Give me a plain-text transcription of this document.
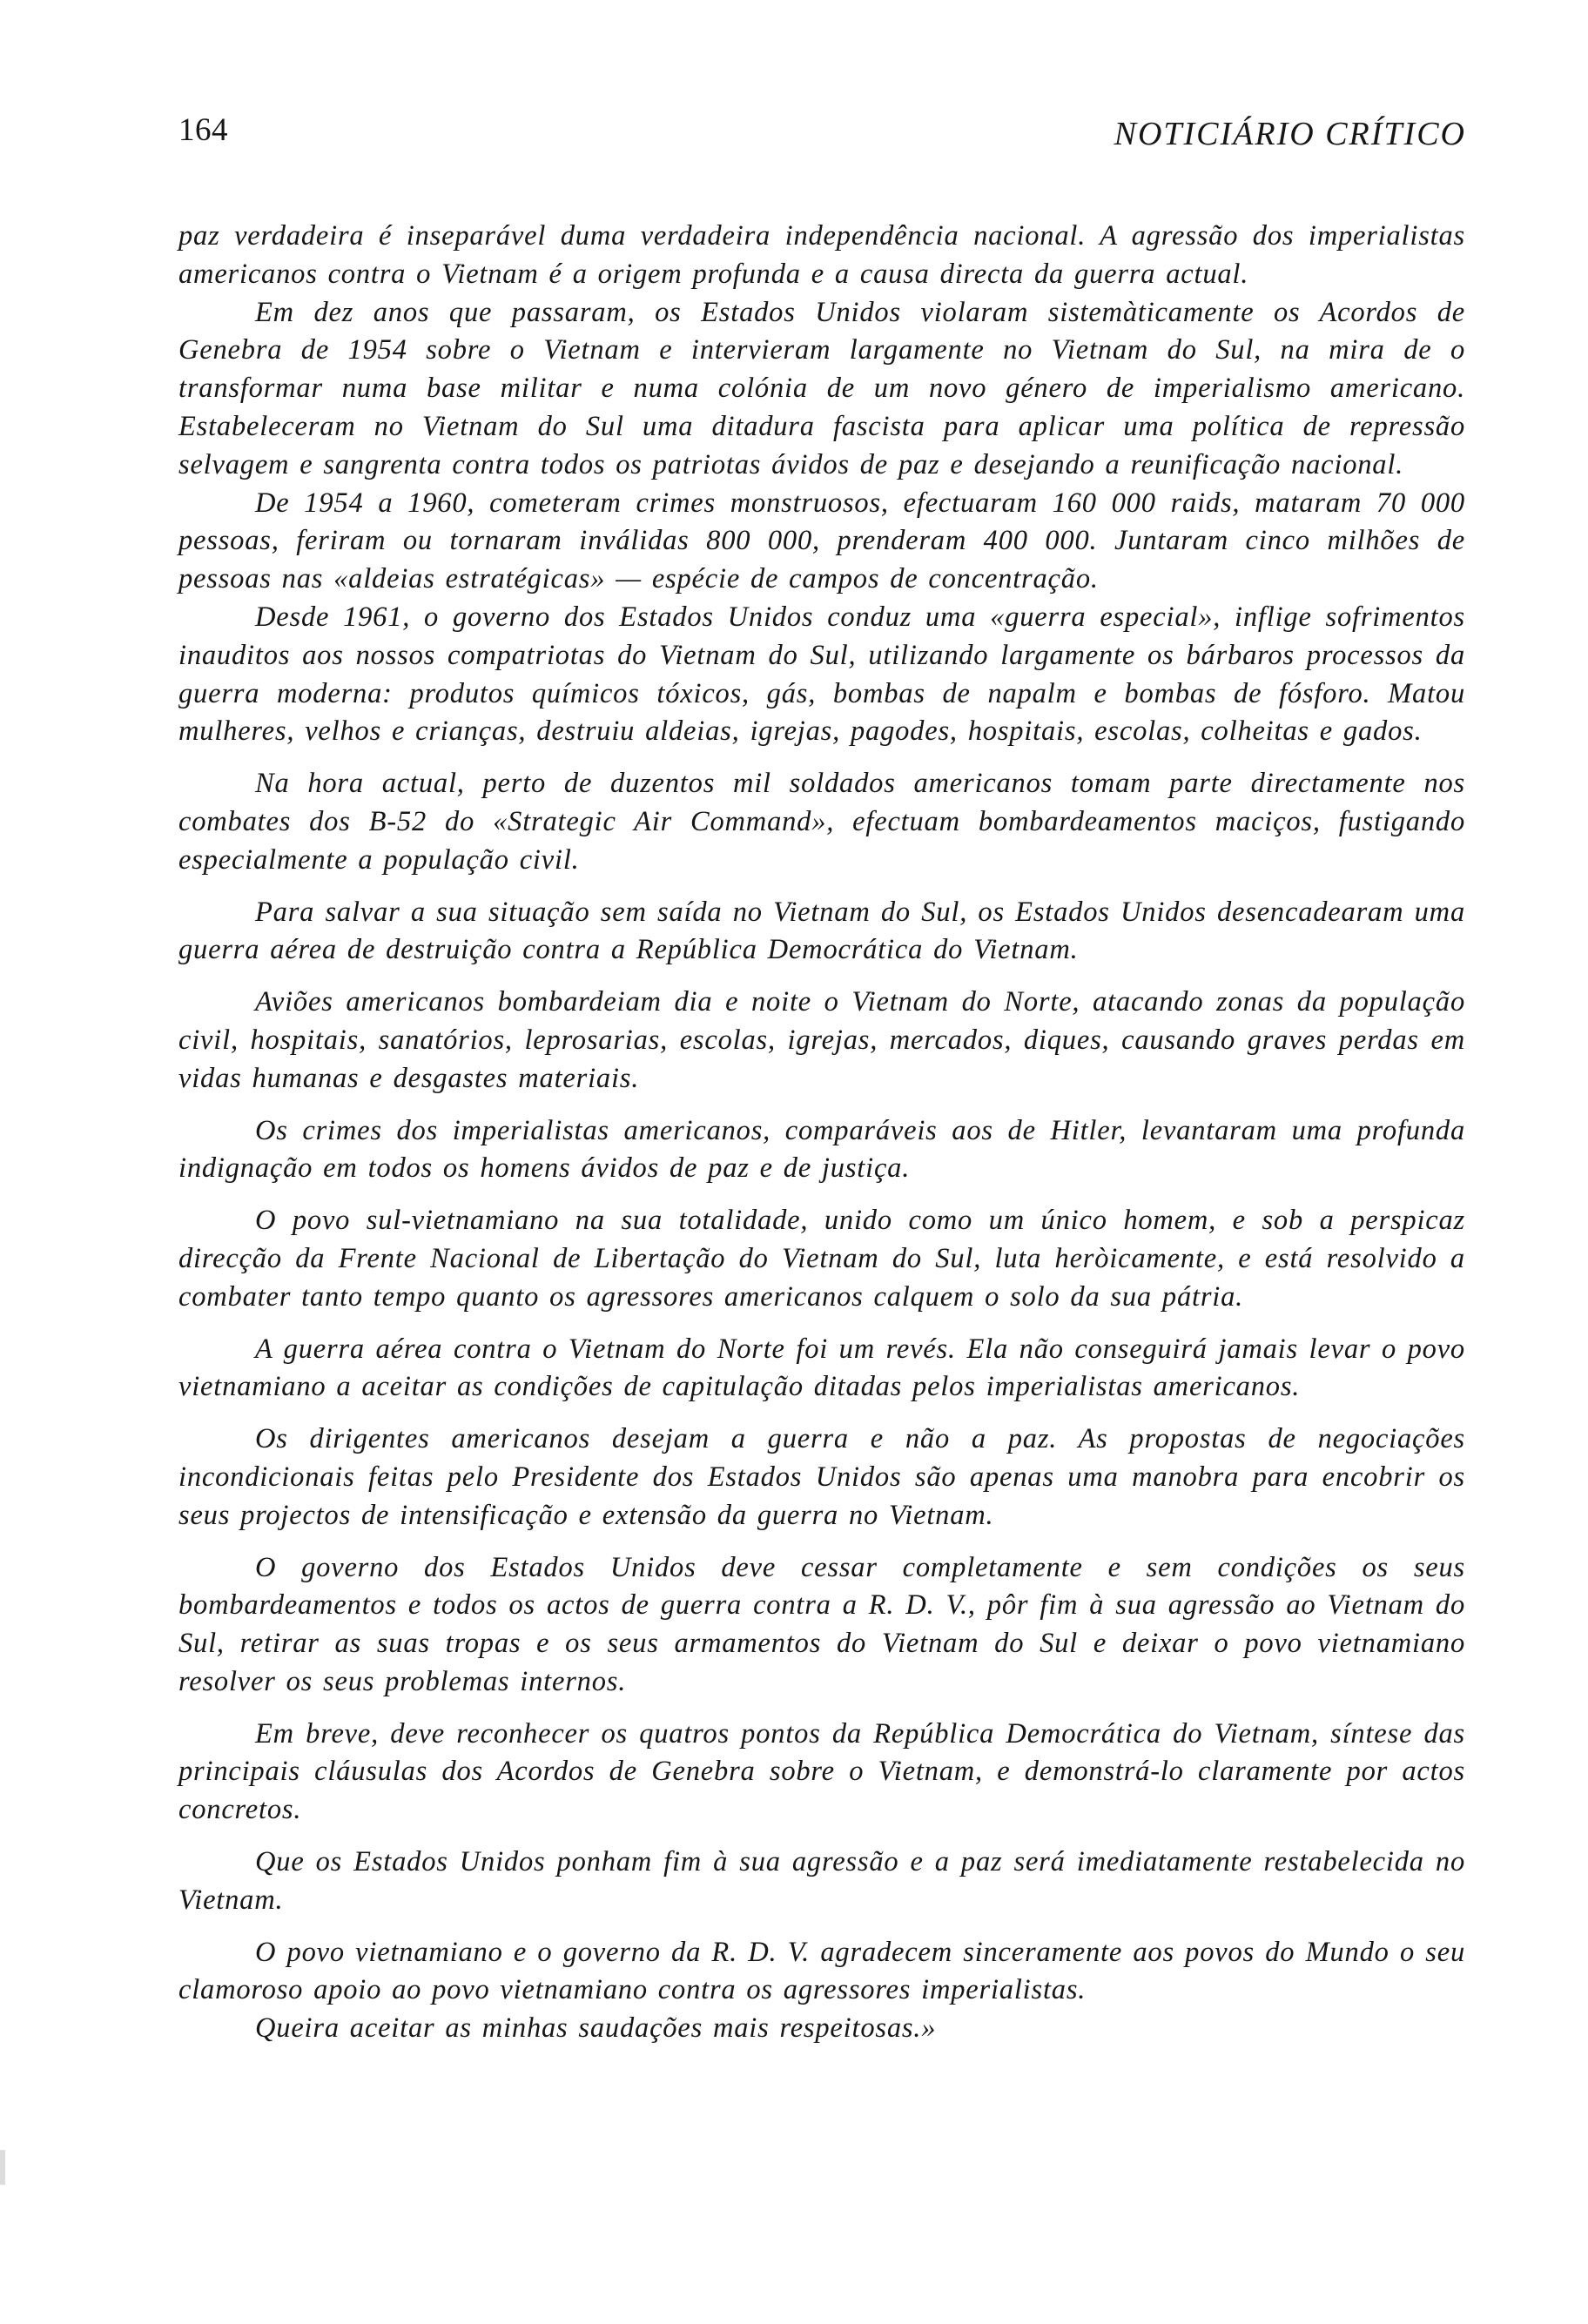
164	NOTICIÁRIO CRÍTICO

paz verdadeira é inseparável duma verdadeira independência nacional. A agressão dos imperialistas americanos contra o Vietnam é a origem profunda e a causa directa da guerra actual.

Em dez anos que passaram, os Estados Unidos violaram sistemàticamente os Acordos de Genebra de 1954 sobre o Vietnam e intervieram largamente no Vietnam do Sul, na mira de o transformar numa base militar e numa colónia de um novo género de imperialismo americano. Estabeleceram no Vietnam do Sul uma ditadura fascista para aplicar uma política de repressão selvagem e sangrenta contra todos os patriotas ávidos de paz e desejando a reunificação nacional.

De 1954 a 1960, cometeram crimes monstruosos, efectuaram 160 000 raids, mataram 70 000 pessoas, feriram ou tornaram inválidas 800 000, prenderam 400 000. Juntaram cinco milhões de pessoas nas «aldeias estratégicas» — espécie de campos de concentração.

Desde 1961, o governo dos Estados Unidos conduz uma «guerra especial», inflige sofrimentos inauditos aos nossos compatriotas do Vietnam do Sul, utilizando largamente os bárbaros processos da guerra moderna: produtos químicos tóxicos, gás, bombas de napalm e bombas de fósforo. Matou mulheres, velhos e crianças, destruiu aldeias, igrejas, pagodes, hospitais, escolas, colheitas e gados.

Na hora actual, perto de duzentos mil soldados americanos tomam parte directamente nos combates dos B-52 do «Strategic Air Command», efectuam bombardeamentos maciços, fustigando especialmente a população civil.

Para salvar a sua situação sem saída no Vietnam do Sul, os Estados Unidos desencadearam uma guerra aérea de destruição contra a República Democrática do Vietnam.

Aviões americanos bombardeiam dia e noite o Vietnam do Norte, atacando zonas da população civil, hospitais, sanatórios, leprosarias, escolas, igrejas, mercados, diques, causando graves perdas em vidas humanas e desgastes materiais.

Os crimes dos imperialistas americanos, comparáveis aos de Hitler, levantaram uma profunda indignação em todos os homens ávidos de paz e de justiça.

O povo sul-vietnamiano na sua totalidade, unido como um único homem, e sob a perspicaz direcção da Frente Nacional de Libertação do Vietnam do Sul, luta heròicamente, e está resolvido a combater tanto tempo quanto os agressores americanos calquem o solo da sua pátria.

A guerra aérea contra o Vietnam do Norte foi um revés. Ela não conseguirá jamais levar o povo vietnamiano a aceitar as condições de capitulação ditadas pelos imperialistas americanos.

Os dirigentes americanos desejam a guerra e não a paz. As propostas de negociações incondicionais feitas pelo Presidente dos Estados Unidos são apenas uma manobra para encobrir os seus projectos de intensificação e extensão da guerra no Vietnam.

O governo dos Estados Unidos deve cessar completamente e sem condições os seus bombardeamentos e todos os actos de guerra contra a R. D. V., pôr fim à sua agressão ao Vietnam do Sul, retirar as suas tropas e os seus armamentos do Vietnam do Sul e deixar o povo vietnamiano resolver os seus problemas internos.

Em breve, deve reconhecer os quatros pontos da República Democrática do Vietnam, síntese das principais cláusulas dos Acordos de Genebra sobre o Vietnam, e demonstrá-lo claramente por actos concretos.

Que os Estados Unidos ponham fim à sua agressão e a paz será imediatamente restabelecida no Vietnam.

O povo vietnamiano e o governo da R. D. V. agradecem sinceramente aos povos do Mundo o seu clamoroso apoio ao povo vietnamiano contra os agressores imperialistas.

Queira aceitar as minhas saudações mais respeitosas.»
